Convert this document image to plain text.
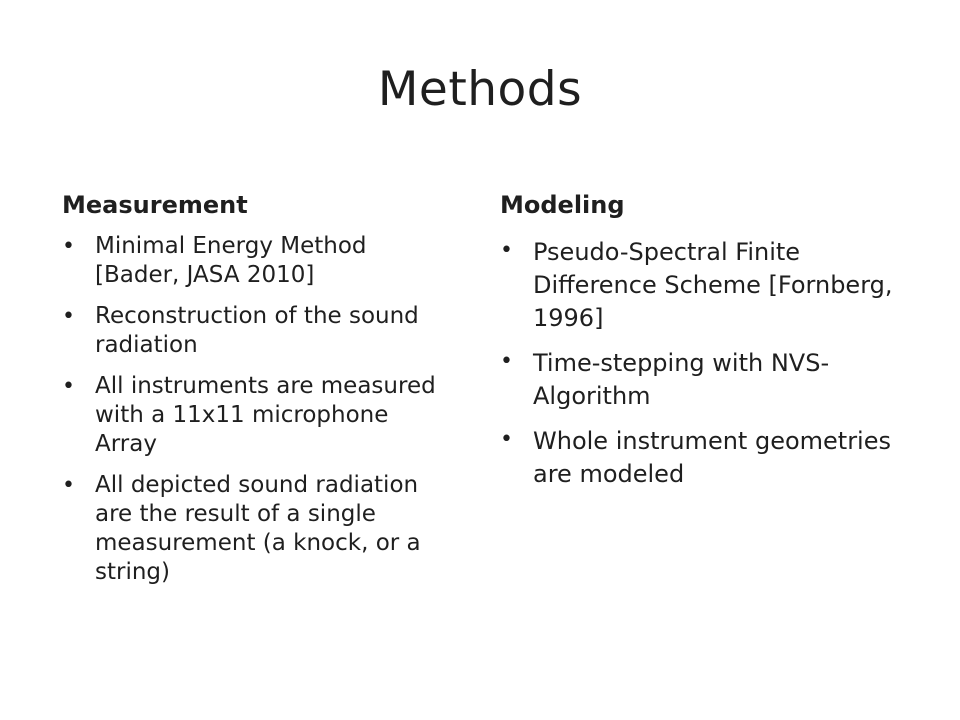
Methods
Measurement
• Minimal Energy Method [Bader, JASA 2010]
• Reconstruction of the sound radiation
• All instruments are measured with a 11x11 microphone Array
• All depicted sound radiation are the result of a single measurement (a knock, or a string)
Modeling
• Pseudo-Spectral Finite Difference Scheme [Fornberg, 1996]
• Time-stepping with NVS-Algorithm
• Whole instrument geometries are modeled
